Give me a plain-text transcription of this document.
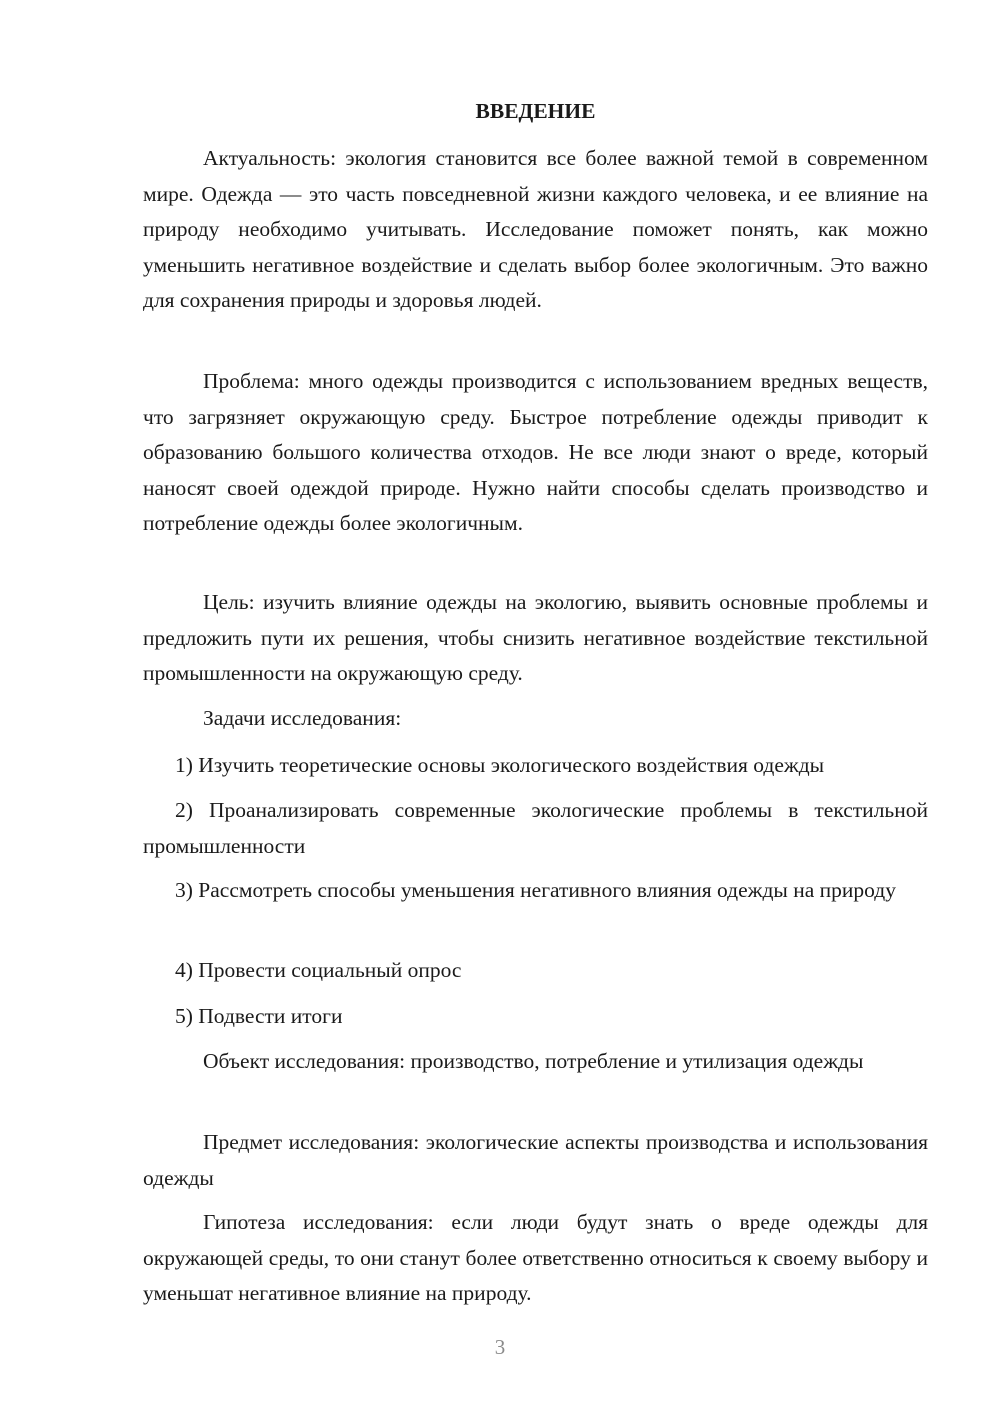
ВВЕДЕНИЕ

Актуальность: экология становится все более важной темой в современном мире. Одежда — это часть повседневной жизни каждого человека, и ее влияние на природу необходимо учитывать. Исследование поможет понять, как можно уменьшить негативное воздействие и сделать выбор более экологичным. Это важно для сохранения природы и здоровья людей.

Проблема: много одежды производится с использованием вредных веществ, что загрязняет окружающую среду. Быстрое потребление одежды приводит к образованию большого количества отходов. Не все люди знают о вреде, который наносят своей одеждой природе. Нужно найти способы сделать производство и потребление одежды более экологичным.

Цель: изучить влияние одежды на экологию, выявить основные проблемы и предложить пути их решения, чтобы снизить негативное воздействие текстильной промышленности на окружающую среду.

Задачи исследования:

1) Изучить теоретические основы экологического воздействия одежды

2) Проанализировать современные экологические проблемы в текстильной промышленности

3) Рассмотреть способы уменьшения негативного влияния одежды на природу

4) Провести социальный опрос

5) Подвести итоги

Объект исследования: производство, потребление и утилизация одежды

Предмет исследования: экологические аспекты производства и использования одежды

Гипотеза исследования: если люди будут знать о вреде одежды для окружающей среды, то они станут более ответственно относиться к своему выбору и уменьшат негативное влияние на природу.

3
